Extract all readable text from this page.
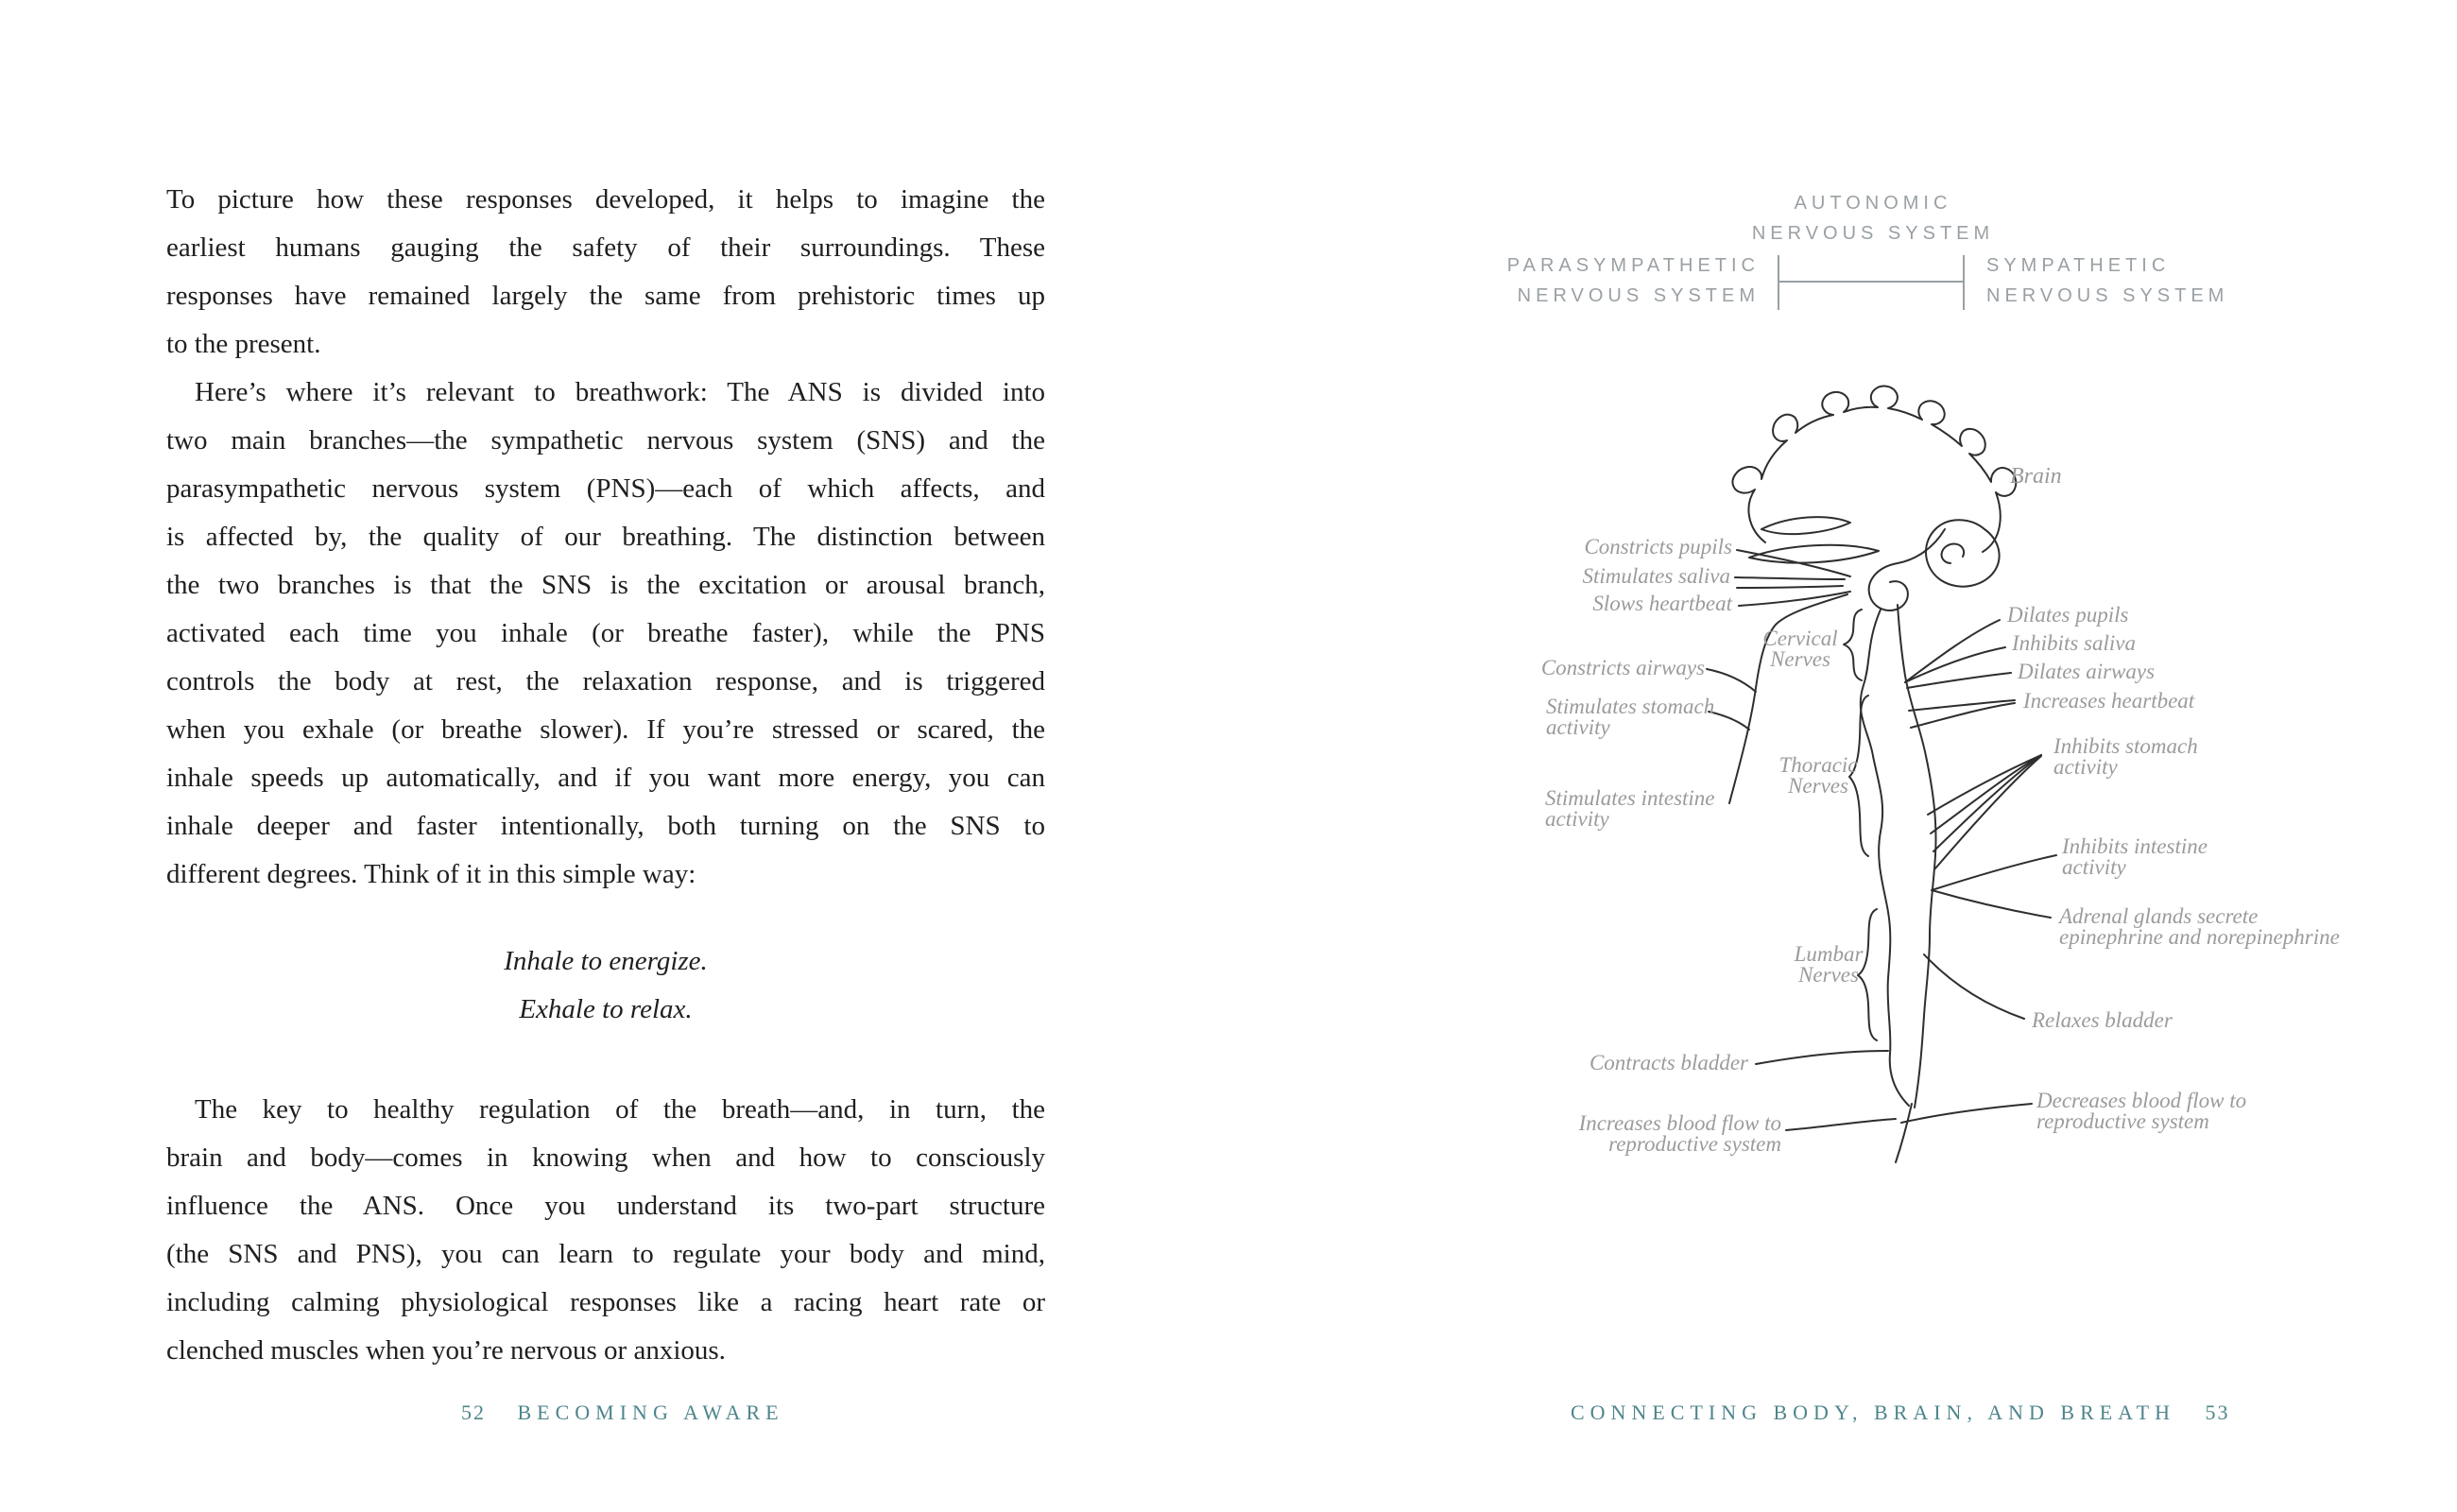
To picture how these responses developed, it helps to imagine the
earliest humans gauging the safety of their surroundings. These
responses have remained largely the same from prehistoric times up
to the present.
Here’s where it’s relevant to breathwork: The ANS is divided into
two main branches—the sympathetic nervous system (SNS) and the
parasympathetic nervous system (PNS)—each of which affects, and
is affected by, the quality of our breathing. The distinction between
the two branches is that the SNS is the excitation or arousal branch,
activated each time you inhale (or breathe faster), while the PNS
controls the body at rest, the relaxation response, and is triggered
when you exhale (or breathe slower). If you’re stressed or scared, the
inhale speeds up automatically, and if you want more energy, you can
inhale deeper and faster intentionally, both turning on the SNS to
different degrees. Think of it in this simple way:
Inhale to energize.
Exhale to relax.
The key to healthy regulation of the breath—and, in turn, the
brain and body—comes in knowing when and how to consciously
influence the ANS. Once you understand its two-part structure
(the SNS and PNS), you can learn to regulate your body and mind,
including calming physiological responses like a racing heart rate or
clenched muscles when you’re nervous or anxious.
52 BECOMING AWARE	CONNECTING BODY, BRAIN, AND BREATH 53
AUTONOMIC
NERVOUS SYSTEM
PARASYMPATHETIC
NERVOUS SYSTEM
SYMPATHETIC
NERVOUS SYSTEM
Brain
Cervical
Nerves
Thoracic
Nerves
Lumbar
Nerves
Constricts pupils
Stimulates saliva
Slows heartbeat
Constricts airways
Stimulates stomach
activity
Stimulates intestine
activity
Contracts bladder
Increases blood flow to
reproductive system
Dilates pupils
Inhibits saliva
Dilates airways
Increases heartbeat
Inhibits stomach
activity
Inhibits intestine
activity
Adrenal glands secrete
epinephrine and norepinephrine
Relaxes bladder
Decreases blood flow to
reproductive system
